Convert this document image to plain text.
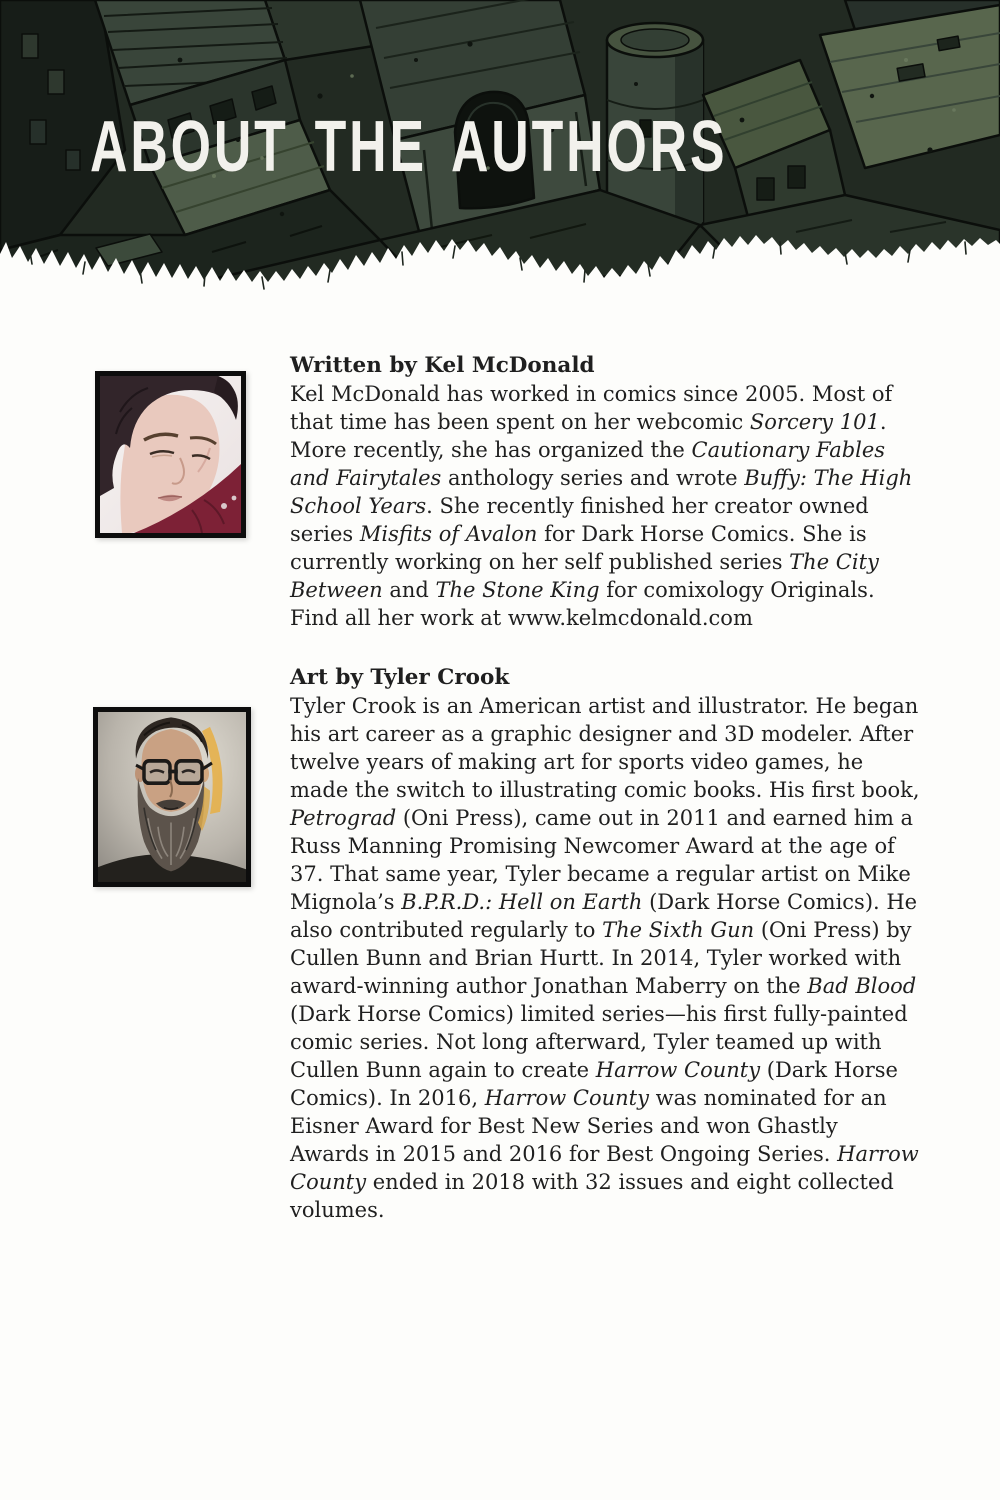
ABOUT THE AUTHORS
Written by Kel McDonald

Kel McDonald has worked in comics since 2005. Most of that time has been spent on her webcomic Sorcery 101. More recently, she has organized the Cautionary Fables and Fairytales anthology series and wrote Buffy: The High School Years. She recently finished her creator owned series Misfits of Avalon for Dark Horse Comics. She is currently working on her self published series The City Between and The Stone King for comixology Originals. Find all her work at www.kelmcdonald.com

Art by Tyler Crook

Tyler Crook is an American artist and illustrator. He began his art career as a graphic designer and 3D modeler. After twelve years of making art for sports video games, he made the switch to illustrating comic books. His first book, Petrograd (Oni Press), came out in 2011 and earned him a Russ Manning Promising Newcomer Award at the age of 37. That same year, Tyler became a regular artist on Mike Mignola’s B.P.R.D.: Hell on Earth (Dark Horse Comics). He also contributed regularly to The Sixth Gun (Oni Press) by Cullen Bunn and Brian Hurtt. In 2014, Tyler worked with award-winning author Jonathan Maberry on the Bad Blood (Dark Horse Comics) limited series—his first fully-painted comic series. Not long afterward, Tyler teamed up with Cullen Bunn again to create Harrow County (Dark Horse Comics). In 2016, Harrow County was nominated for an Eisner Award for Best New Series and won Ghastly Awards in 2015 and 2016 for Best Ongoing Series. Harrow County ended in 2018 with 32 issues and eight collected volumes.
